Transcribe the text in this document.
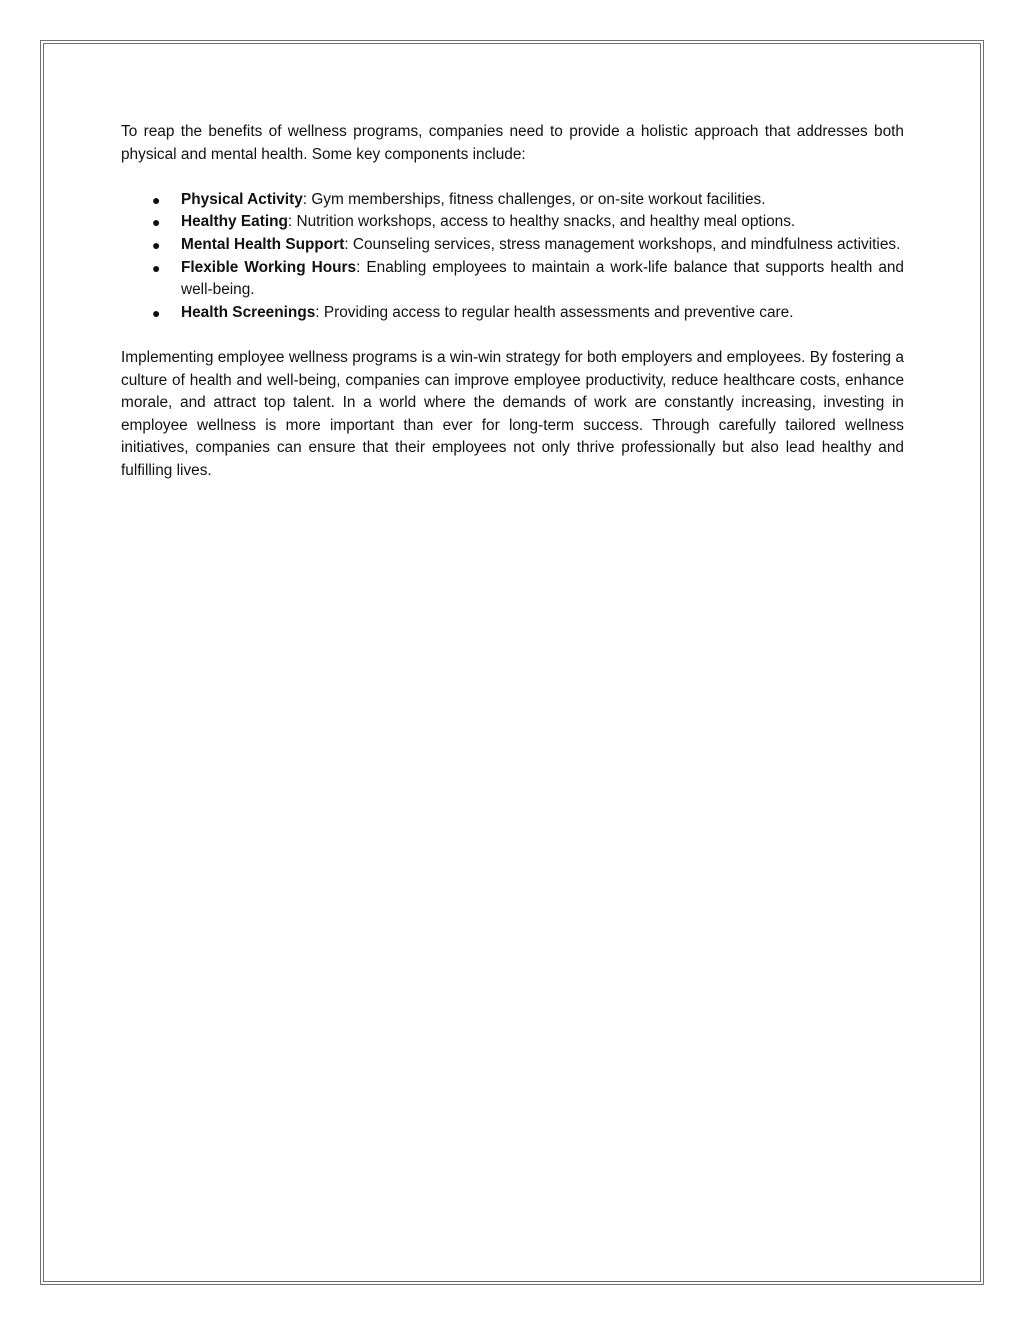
To reap the benefits of wellness programs, companies need to provide a holistic approach that addresses both physical and mental health. Some key components include:

● Physical Activity: Gym memberships, fitness challenges, or on-site workout facilities.
● Healthy Eating: Nutrition workshops, access to healthy snacks, and healthy meal options.
● Mental Health Support: Counseling services, stress management workshops, and mindfulness activities.
● Flexible Working Hours: Enabling employees to maintain a work-life balance that supports health and well-being.
● Health Screenings: Providing access to regular health assessments and preventive care.

Implementing employee wellness programs is a win-win strategy for both employers and employees. By fostering a culture of health and well-being, companies can improve employee productivity, reduce healthcare costs, enhance morale, and attract top talent. In a world where the demands of work are constantly increasing, investing in employee wellness is more important than ever for long-term success. Through carefully tailored wellness initiatives, companies can ensure that their employees not only thrive professionally but also lead healthy and fulfilling lives.
